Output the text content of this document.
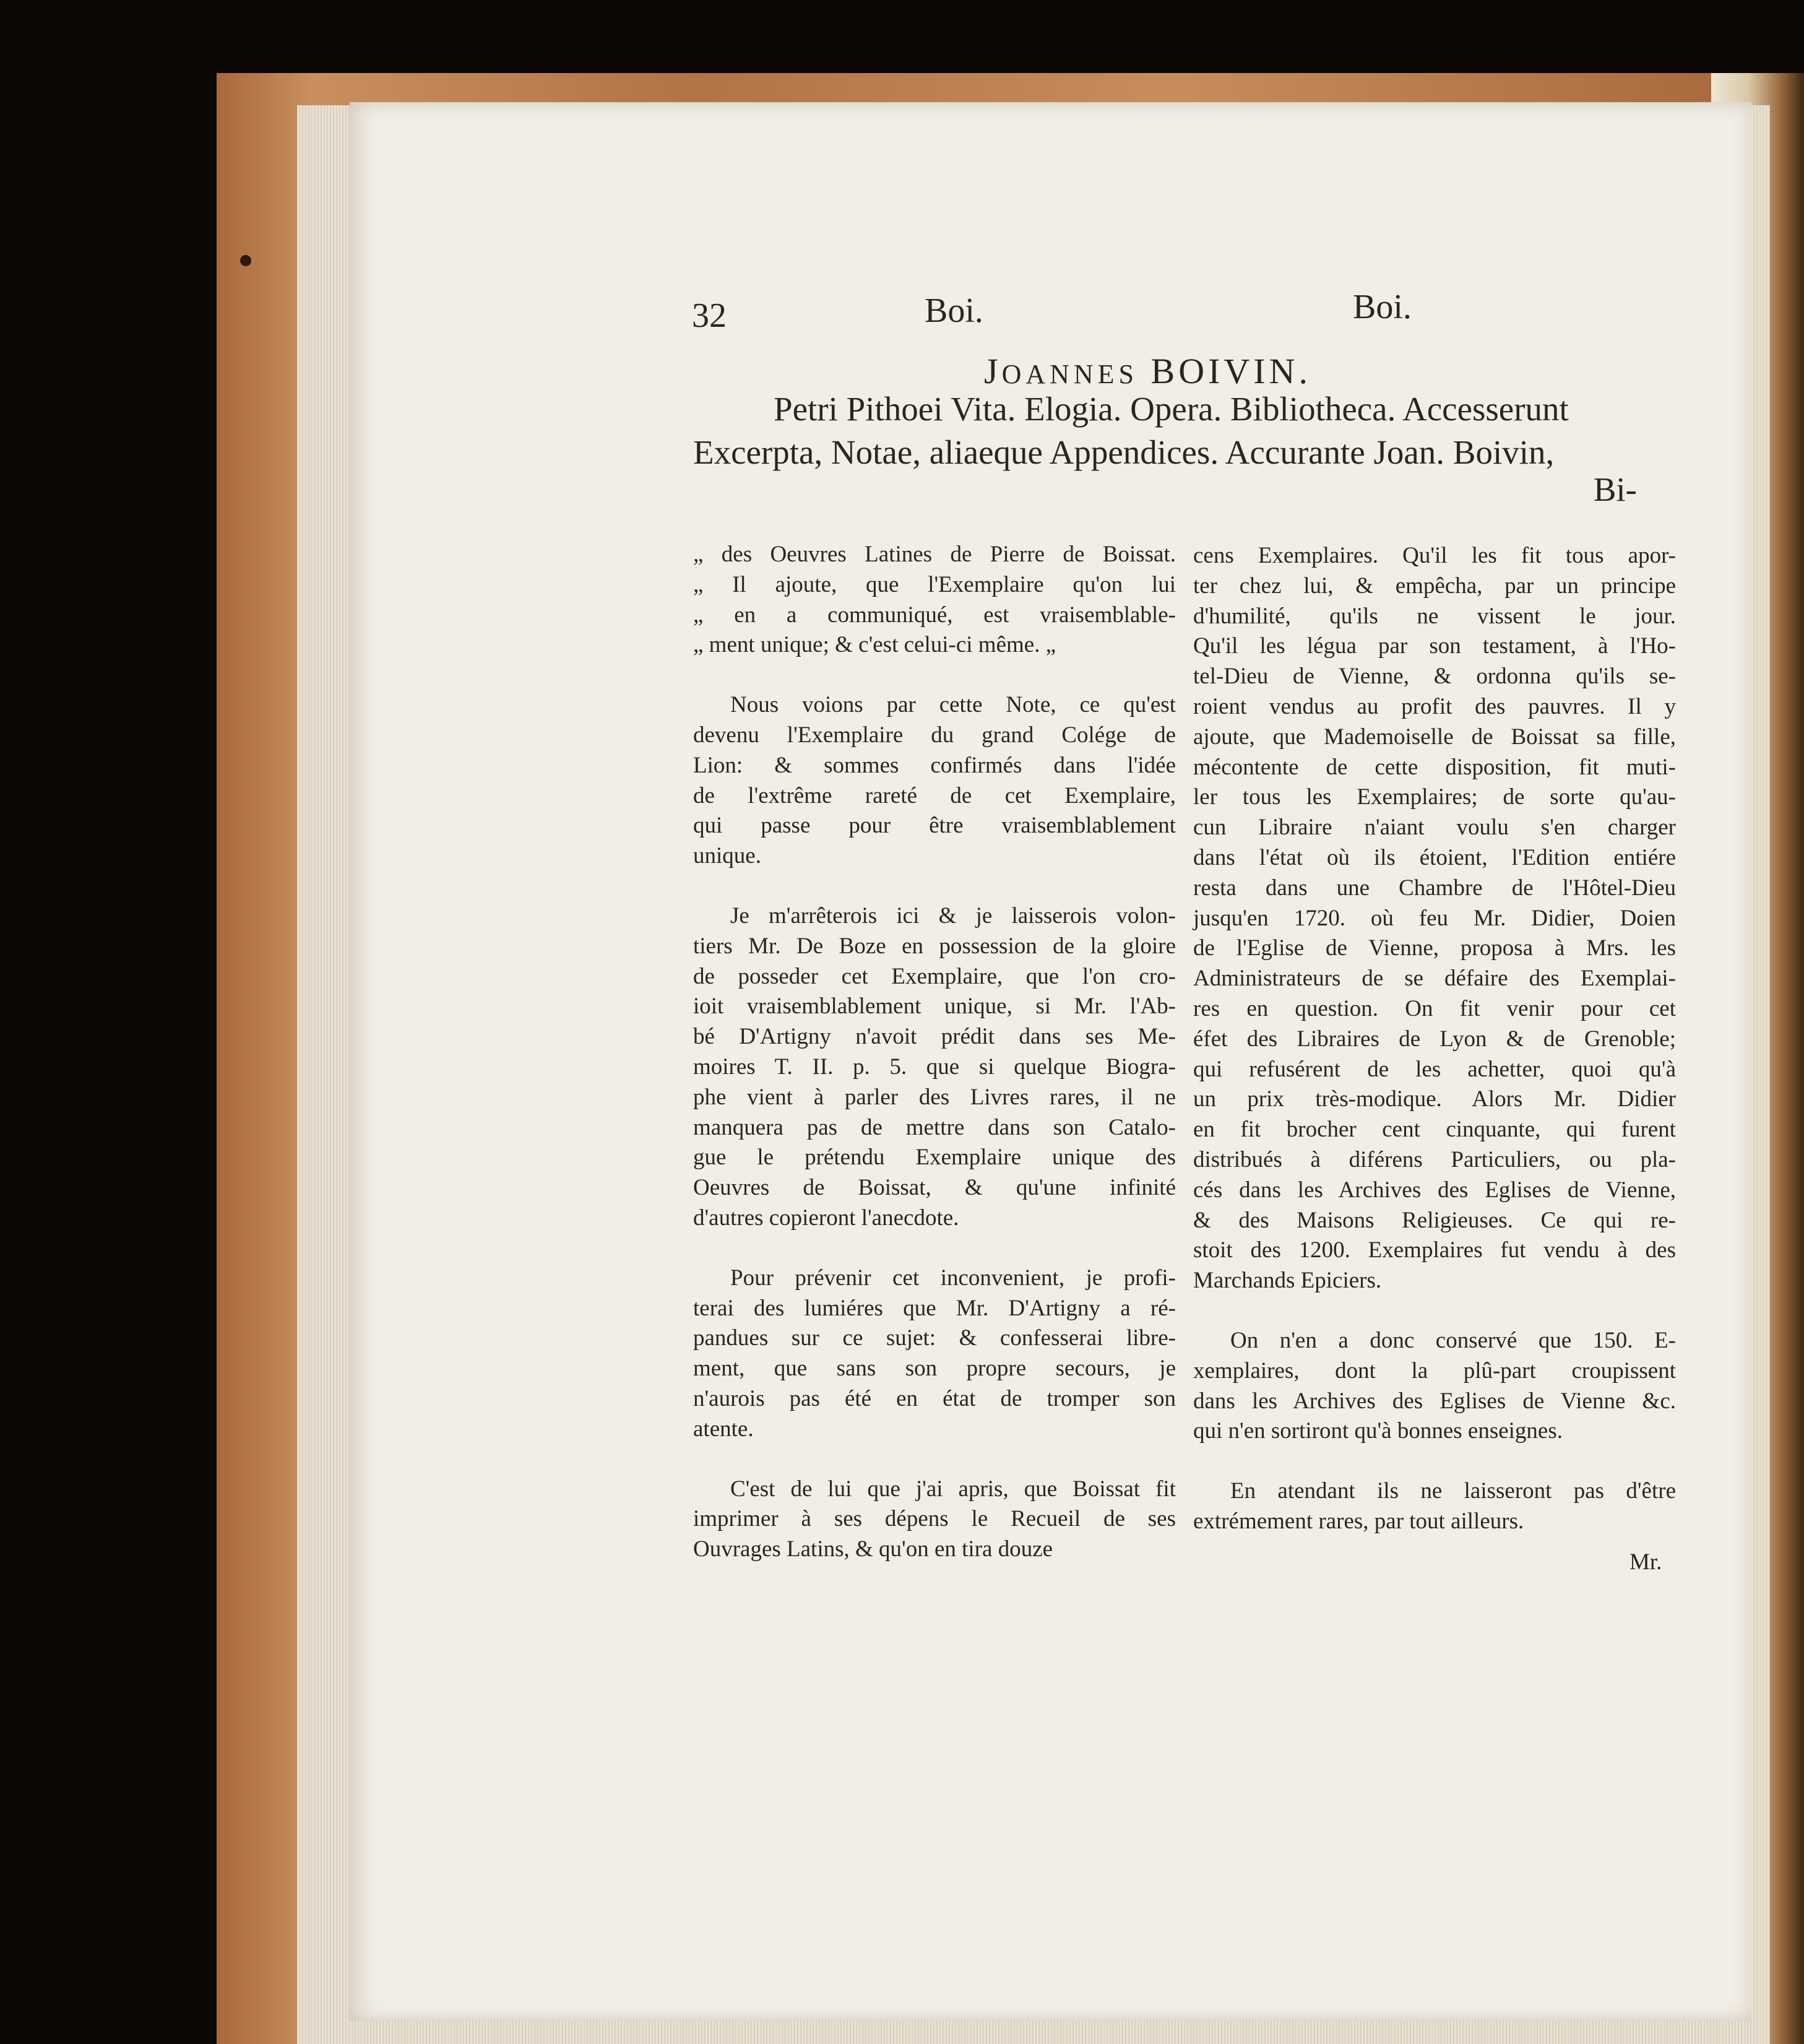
32	Boi.	Boi.
JOANNES BOIVIN.
Petri Pithoei Vita. Elogia. Opera. Bibliotheca. Accesserunt
Excerpta, Notae, aliaeque Appendices. Accurante Joan. Boivin,
Bi-
„ des Oeuvres Latines de Pierre de Boissat.
„ Il ajoute, que l'Exemplaire qu'on lui
„ en a communiqué, est vraisemblable-
„ ment unique; & c'est celui-ci même. „
Nous voions par cette Note, ce qu'est
devenu l'Exemplaire du grand Colége de
Lion: & sommes confirmés dans l'idée
de l'extrême rareté de cet Exemplaire,
qui passe pour être vraisemblablement
unique.
Je m'arrêterois ici & je laisserois volon-
tiers Mr. De Boze en possession de la gloire
de posseder cet Exemplaire, que l'on cro-
ioit vraisemblablement unique, si Mr. l'Ab-
bé D'Artigny n'avoit prédit dans ses Me-
moires T. II. p. 5. que si quelque Biogra-
phe vient à parler des Livres rares, il ne
manquera pas de mettre dans son Catalo-
gue le prétendu Exemplaire unique des
Oeuvres de Boissat, & qu'une infinité
d'autres copieront l'anecdote.
Pour prévenir cet inconvenient, je profi-
terai des lumiéres que Mr. D'Artigny a ré-
pandues sur ce sujet: & confesserai libre-
ment, que sans son propre secours, je
n'aurois pas été en état de tromper son
atente.
C'est de lui que j'ai apris, que Boissat fit
imprimer à ses dépens le Recueil de ses
Ouvrages Latins, & qu'on en tira douze
cens Exemplaires. Qu'il les fit tous apor-
ter chez lui, & empêcha, par un principe
d'humilité, qu'ils ne vissent le jour.
Qu'il les légua par son testament, à l'Ho-
tel-Dieu de Vienne, & ordonna qu'ils se-
roient vendus au profit des pauvres. Il y
ajoute, que Mademoiselle de Boissat sa fille,
mécontente de cette disposition, fit muti-
ler tous les Exemplaires; de sorte qu'au-
cun Libraire n'aiant voulu s'en charger
dans l'état où ils étoient, l'Edition entiére
resta dans une Chambre de l'Hôtel-Dieu
jusqu'en 1720. où feu Mr. Didier, Doien
de l'Eglise de Vienne, proposa à Mrs. les
Administrateurs de se défaire des Exemplai-
res en question. On fit venir pour cet
éfet des Libraires de Lyon & de Grenoble;
qui refusérent de les achetter, quoi qu'à
un prix très-modique. Alors Mr. Didier
en fit brocher cent cinquante, qui furent
distribués à diférens Particuliers, ou pla-
cés dans les Archives des Eglises de Vienne,
& des Maisons Religieuses. Ce qui re-
stoit des 1200. Exemplaires fut vendu à des
Marchands Epiciers.
On n'en a donc conservé que 150. E-
xemplaires, dont la plû-part croupissent
dans les Archives des Eglises de Vienne &c.
qui n'en sortiront qu'à bonnes enseignes.
En atendant ils ne laisseront pas d'être
extrémement rares, par tout ailleurs.
Mr.
